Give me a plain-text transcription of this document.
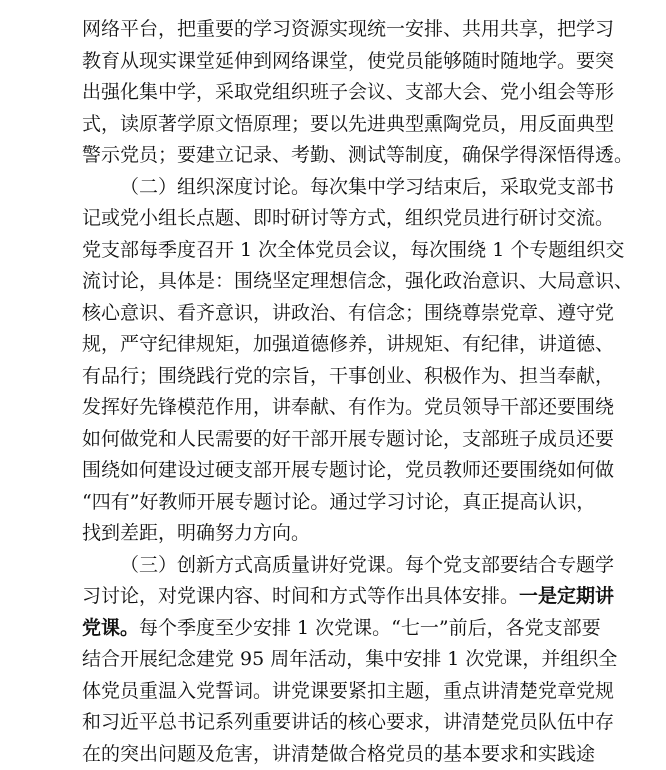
网络平台，把重要的学习资源实现统一安排、共用共享，把学习
教育从现实课堂延伸到网络课堂，使党员能够随时随地学。要突
出强化集中学，采取党组织班子会议、支部大会、党小组会等形
式，读原著学原文悟原理；要以先进典型熏陶党员，用反面典型
警示党员；要建立记录、考勤、测试等制度，确保学得深悟得透。
（二）组织深度讨论。每次集中学习结束后，采取党支部书
记或党小组长点题、即时研讨等方式，组织党员进行研讨交流。
党支部每季度召开 1 次全体党员会议，每次围绕 1 个专题组织交
流讨论，具体是：围绕坚定理想信念，强化政治意识、大局意识、
核心意识、看齐意识，讲政治、有信念；围绕尊崇党章、遵守党
规，严守纪律规矩，加强道德修养，讲规矩、有纪律，讲道德、
有品行；围绕践行党的宗旨，干事创业、积极作为、担当奉献，
发挥好先锋模范作用，讲奉献、有作为。党员领导干部还要围绕
如何做党和人民需要的好干部开展专题讨论，支部班子成员还要
围绕如何建设过硬支部开展专题讨论，党员教师还要围绕如何做
“四有”好教师开展专题讨论。通过学习讨论，真正提高认识，
找到差距，明确努力方向。
（三）创新方式高质量讲好党课。每个党支部要结合专题学
习讨论，对党课内容、时间和方式等作出具体安排。一是定期讲
党课。每个季度至少安排 1 次党课。“七一”前后，各党支部要
结合开展纪念建党 95 周年活动，集中安排 1 次党课，并组织全
体党员重温入党誓词。讲党课要紧扣主题，重点讲清楚党章党规
和习近平总书记系列重要讲话的核心要求，讲清楚党员队伍中存
在的突出问题及危害，讲清楚做合格党员的基本要求和实践途
